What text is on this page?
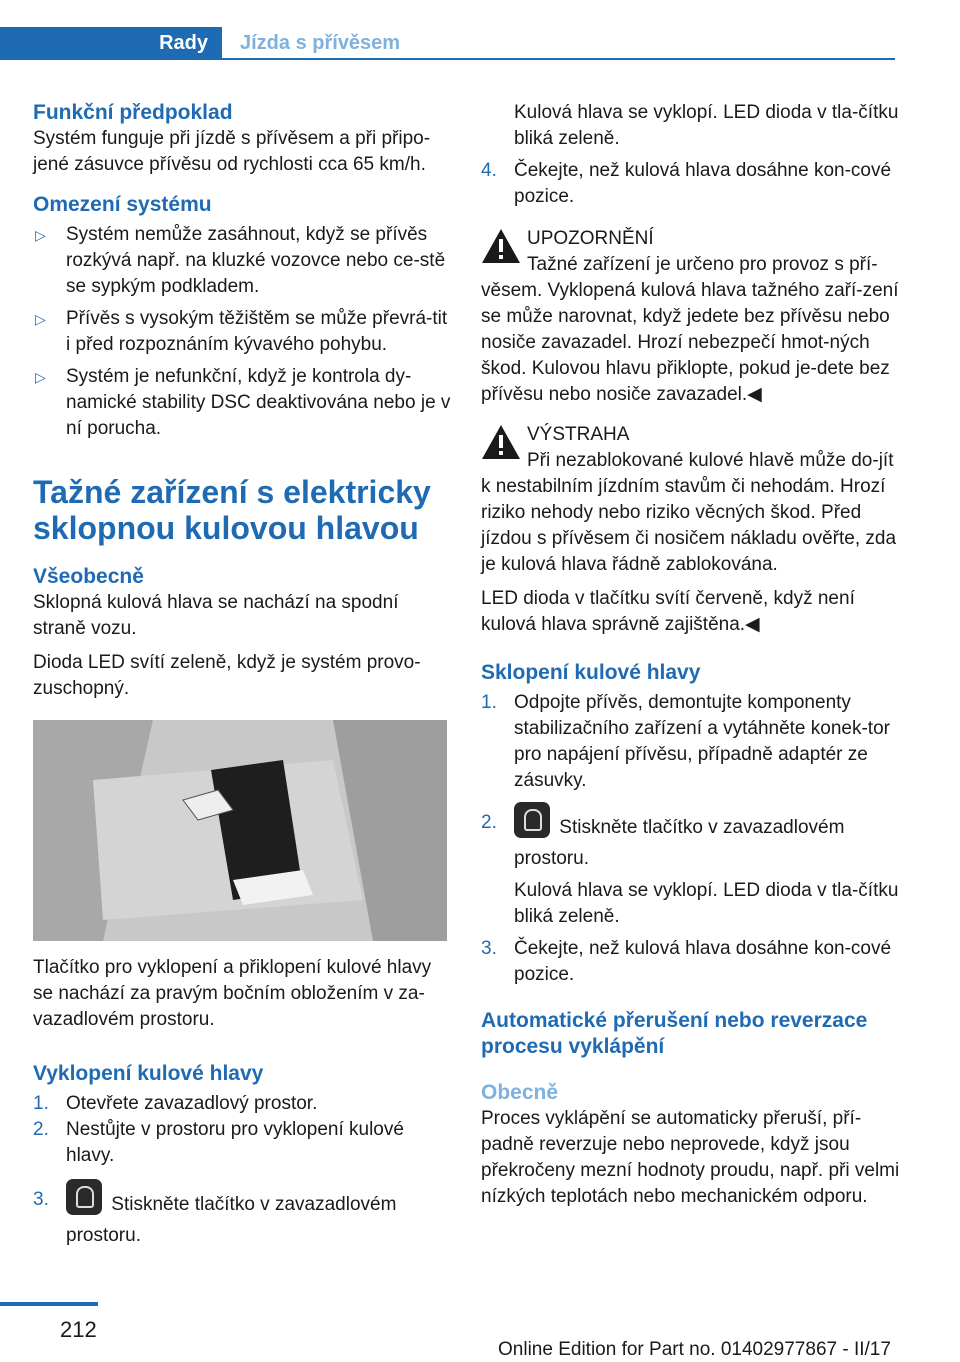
Rady	Jízda s přívěsem

Funkční předpoklad

Systém funguje při jízdě s přívěsem a při připo-jené zásuvce přívěsu od rychlosti cca 65 km/h.

Omezení systému

▷ Systém nemůže zasáhnout, když se přívěs rozkývá např. na kluzké vozovce nebo ce-stě se sypkým podkladem.
▷ Přívěs s vysokým těžištěm se může převrá-tit i před rozpoznáním kývavého pohybu.
▷ Systém je nefunkční, když je kontrola dy-namické stability DSC deaktivována nebo je v ní porucha.

Tažné zařízení s elektricky sklopnou kulovou hlavou

Všeobecně

Sklopná kulová hlava se nachází na spodní straně vozu.

Dioda LED svítí zeleně, když je systém provo-zuschopný.

Tlačítko pro vyklopení a přiklopení kulové hlavy se nachází za pravým bočním obložením v za-vazadlovém prostoru.

Vyklopení kulové hlavy

1. Otevřete zavazadlový prostor.
2. Nestůjte v prostoru pro vyklopení kulové hlavy.
3.	Stiskněte tlačítko v zavazadlovém prostoru.

Kulová hlava se vyklopí. LED dioda v tla-čítku bliká zeleně.

4. Čekejte, než kulová hlava dosáhne kon-cové pozice.

UPOZORNĚNÍ

Tažné zařízení je určeno pro provoz s pří-věsem. Vyklopená kulová hlava tažného zaří-zení se může narovnat, když jedete bez přívěsu nebo nosiče zavazadel. Hrozí nebezpečí hmot-ných škod. Kulovou hlavu přiklopte, pokud je-dete bez přívěsu nebo nosiče zavazadel.◀

VÝSTRAHA

Při nezablokované kulové hlavě může do-jít k nestabilním jízdním stavům či nehodám. Hrozí riziko nehody nebo riziko věcných škod. Před jízdou s přívěsem či nosičem nákladu ověřte, zda je kulová hlava řádně zablokována.

LED dioda v tlačítku svítí červeně, když není kulová hlava správně zajištěna.◀

Sklopení kulové hlavy

1. Odpojte přívěs, demontujte komponenty stabilizačního zařízení a vytáhněte konek-tor pro napájení přívěsu, případně adaptér ze zásuvky.
2.	Stiskněte tlačítko v zavazadlovém prostoru.

Kulová hlava se vyklopí. LED dioda v tla-čítku bliká zeleně.

3. Čekejte, než kulová hlava dosáhne kon-cové pozice.

Automatické přerušení nebo reverzace procesu vyklápění

Obecně

Proces vyklápění se automaticky přeruší, pří-padně reverzuje nebo neprovede, když jsou překročeny mezní hodnoty proudu, např. při velmi nízkých teplotách nebo mechanickém odporu.

212
Online Edition for Part no. 01402977867 - II/17
